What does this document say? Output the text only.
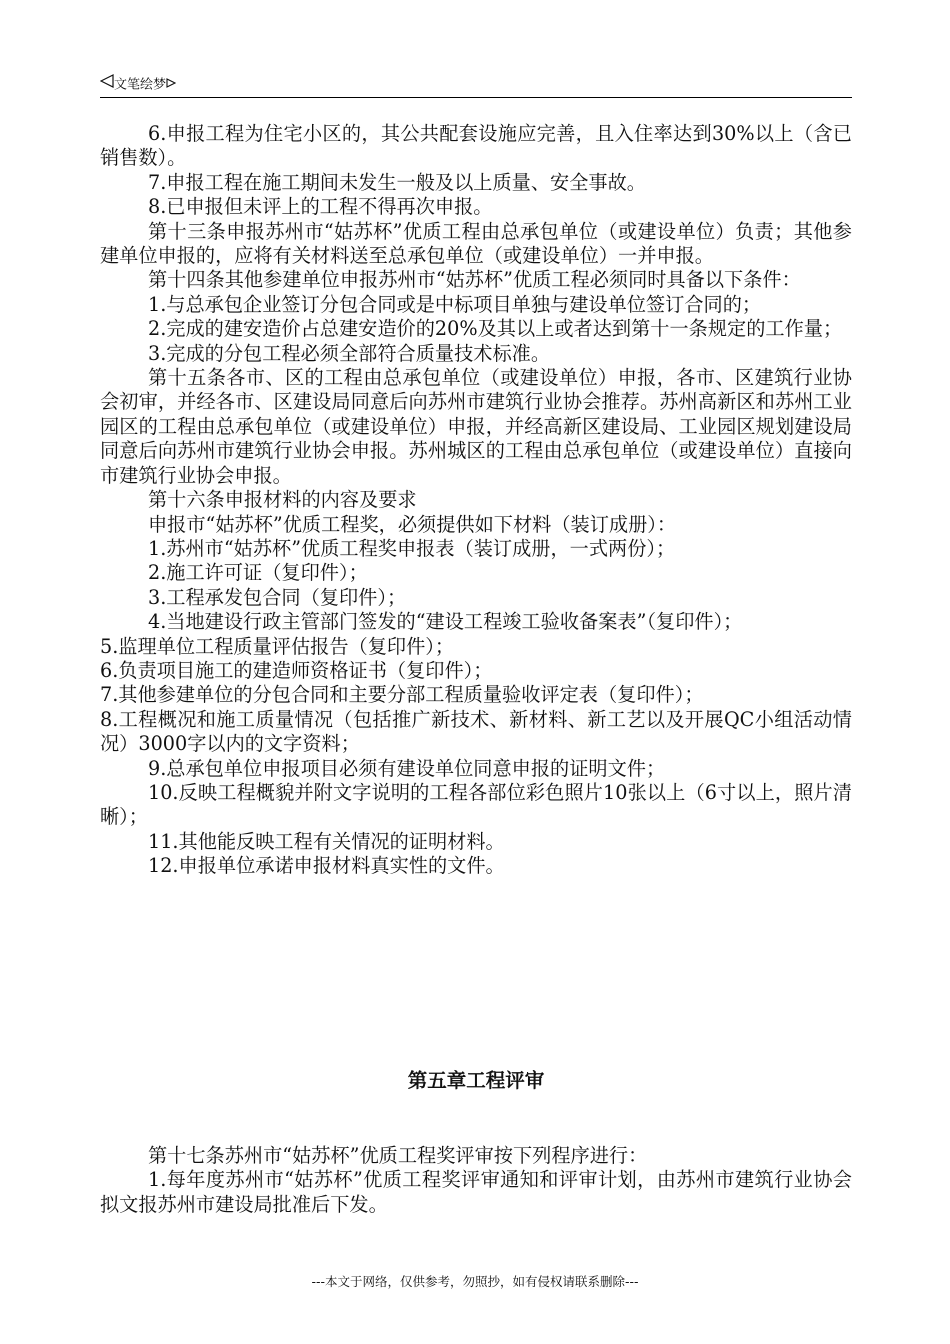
文笔绘梦

6.申报工程为住宅小区的，其公共配套设施应完善，且入住率达到30%以上（含已销售数）。

7.申报工程在施工期间未发生一般及以上质量、安全事故。

8.已申报但未评上的工程不得再次申报。

第十三条申报苏州市“姑苏杯”优质工程由总承包单位（或建设单位）负责；其他参建单位申报的，应将有关材料送至总承包单位（或建设单位）一并申报。

第十四条其他参建单位申报苏州市“姑苏杯”优质工程必须同时具备以下条件：

1.与总承包企业签订分包合同或是中标项目单独与建设单位签订合同的；

2.完成的建安造价占总建安造价的20%及其以上或者达到第十一条规定的工作量；

3.完成的分包工程必须全部符合质量技术标准。

第十五条各市、区的工程由总承包单位（或建设单位）申报，各市、区建筑行业协会初审，并经各市、区建设局同意后向苏州市建筑行业协会推荐。苏州高新区和苏州工业园区的工程由总承包单位（或建设单位）申报，并经高新区建设局、工业园区规划建设局同意后向苏州市建筑行业协会申报。苏州城区的工程由总承包单位（或建设单位）直接向市建筑行业协会申报。

第十六条申报材料的内容及要求

申报市“姑苏杯”优质工程奖，必须提供如下材料（装订成册）：

1.苏州市“姑苏杯”优质工程奖申报表（装订成册，一式两份）；

2.施工许可证（复印件）；

3.工程承发包合同（复印件）；

4.当地建设行政主管部门签发的“建设工程竣工验收备案表”（复印件）；

5.监理单位工程质量评估报告（复印件）；

6.负责项目施工的建造师资格证书（复印件）；

7.其他参建单位的分包合同和主要分部工程质量验收评定表（复印件）；

8.工程概况和施工质量情况（包括推广新技术、新材料、新工艺以及开展QC小组活动情况）3000字以内的文字资料；

9.总承包单位申报项目必须有建设单位同意申报的证明文件；

10.反映工程概貌并附文字说明的工程各部位彩色照片10张以上（6寸以上，照片清晰）；

11.其他能反映工程有关情况的证明材料。

12.申报单位承诺申报材料真实性的文件。

第五章工程评审

第十七条苏州市“姑苏杯”优质工程奖评审按下列程序进行：

1.每年度苏州市“姑苏杯”优质工程奖评审通知和评审计划，由苏州市建筑行业协会拟文报苏州市建设局批准后下发。

---本文于网络，仅供参考，勿照抄，如有侵权请联系删除---
